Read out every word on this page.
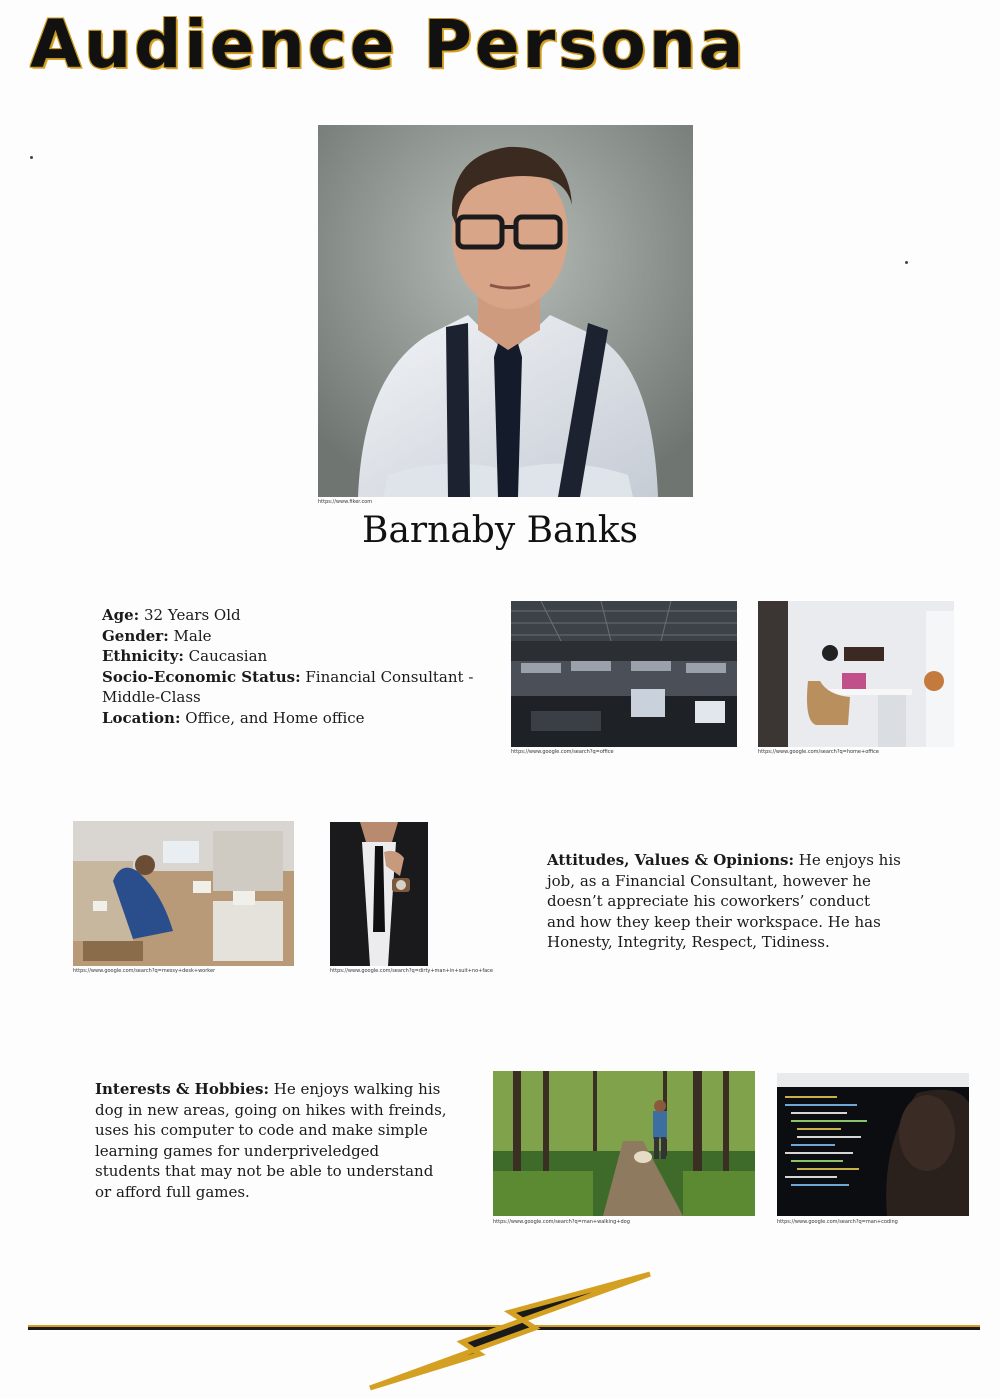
Audience Persona
https://www.fiker.com
Barnaby Banks
Age: 32 Years Old
Gender: Male
Ethnicity: Caucasian
Socio-Economic Status: Financial Consultant -
Middle-Class
Location: Office, and Home office
https://www.google.com/search?q=office	https://www.google.com/search?q=home+office
https://www.google.com/search?q=messy+desk+worker	https://www.google.com/search?q=dirty+man+in+suit+no+face
Attitudes, Values & Opinions: He enjoys his
job, as a Financial Consultant, however he
doesn’t appreciate his coworkers’ conduct
and how they keep their workspace. He has
Honesty, Integrity, Respect, Tidiness.
Interests & Hobbies: He enjoys walking his
dog in new areas, going on hikes with freinds,
uses his computer to code and make simple
learning games for underpriveledged
students that may not be able to understand
or afford full games.
https://www.google.com/search?q=man+walking+dog	https://www.google.com/search?q=man+coding
